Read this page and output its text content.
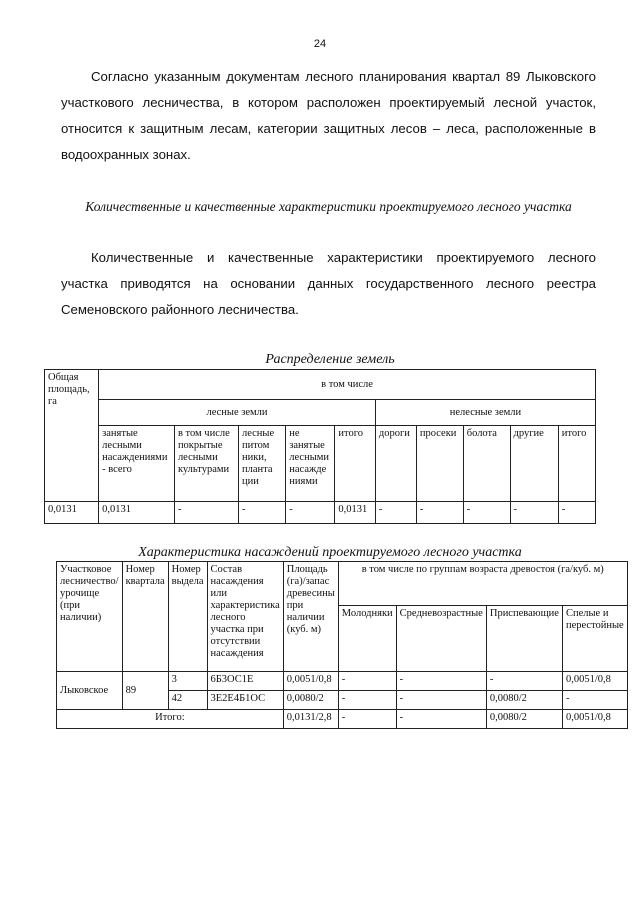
24

Согласно указанным документам лесного планирования квартал 89 Лыковского участкового лесничества, в котором расположен проектируемый лесной участок, относится к защитным лесам, категории защитных лесов – леса, расположенные в водоохранных зонах.

Количественные и качественные характеристики проектируемого лесного участка

Количественные и качественные характеристики проектируемого лесного участка приводятся на основании данных государственного лесного реестра Семеновского районного лесничества.

Распределение земель
Общая площадь, га	в том числе									
	лесные земли					нелесные земли				
	занятые лесными насаждениями - всего	в том числе покрытые лесными культурами	лесные питом ники, планта ции	не занятые лесными насажде ниями	итого	дороги	просеки	болота	другие	итого
0,0131	0,0131	-	-	-	0,0131	-	-	-	-	-
Характеристика насаждений проектируемого лесного участка
Участковое лесничество/ урочище (при наличии)	Номер квартала	Номер выдела	Состав насаждения или характеристика лесного участка при отсутствии насаждения	Площадь (га)/запас древесины при наличии (куб. м)	в том числе по группам возраста древостоя (га/куб. м)			
					Молодняки	Средневозрастные	Приспевающие	Спелые и перестойные
Лыковское	89	3	6Б3ОС1Е	0,0051/0,8	-	-	-	0,0051/0,8
		42	3Е2Е4Б1ОС	0,0080/2	-	-	0,0080/2	-
Итого:				0,0131/2,8	-	-	0,0080/2	0,0051/0,8
